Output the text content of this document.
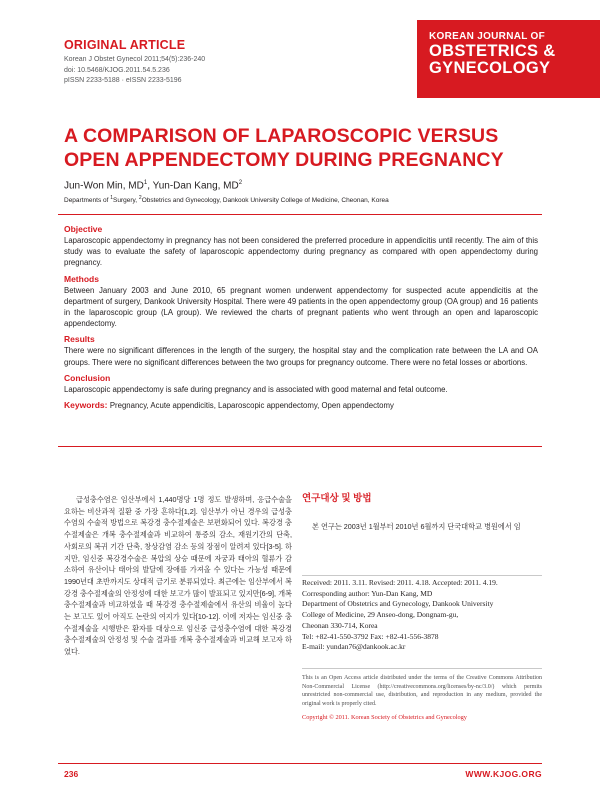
ORIGINAL ARTICLE
Korean J Obstet Gynecol 2011;54(5):236-240
doi: 10.5468/KJOG.2011.54.5.236
pISSN 2233-5188 · eISSN 2233-5196
KOREAN JOURNAL OF
OBSTETRICS &
GYNECOLOGY
A COMPARISON OF LAPAROSCOPIC VERSUS OPEN APPENDECTOMY DURING PREGNANCY
Jun-Won Min, $MD^1$, Yun-Dan Kang, $MD^2$
Departments of $^1$Surgery, $^2$Obstetrics and Gynecology, Dankook University College of Medicine, Cheonan, Korea
Objective
Laparoscopic appendectomy in pregnancy has not been considered the preferred procedure in appendicitis until recently. The aim of this study was to evaluate the safety of laparoscopic appendectomy during pregnancy as compared with open appendectomy during pregnancy.
Methods
Between January 2003 and June 2010, 65 pregnant women underwent appendectomy for suspected acute appendicitis at the department of surgery, Dankook University Hospital. There were 49 patients in the open appendectomy group (OA group) and 16 patients in the laparoscopic group (LA group). We reviewed the charts of pregnant patients who went through an open and laparoscopic appendectomy.
Results
There were no significant differences in the length of the surgery, the hospital stay and the complication rate between the LA and OA groups. There were no significant differences between the two groups for pregnancy outcome. There were no fetal losses or abortions.
Conclusion
Laparoscopic appendectomy is safe during pregnancy and is associated with good maternal and fetal outcome.
Keywords: Pregnancy, Acute appendicitis, Laparoscopic appendectomy, Open appendectomy
급성충수염은 임산부에서 1,440명당 1명 정도 발생하며, 응급수술을 요하는 비산과적 질환 중 가장 흔하다[1,2]. 임산부가 아닌 경우의 급성충수염의 수술적 방법으로 복강경 충수절제술은 보편화되어 있다. 복강경 충수절제술은 개복 충수절제술과 비교하여 통증의 감소, 재원기간의 단축, 사회로의 복귀 기간 단축, 창상감염 감소 등의 장점이 알려져 있다[3-5]. 하지만, 임신중 복강경수술은 복압의 상승 때문에 자궁과 태아의 혈류가 감소하여 유산이나 태아의 발달에 장애를 가져올 수 있다는 가능성 때문에 1990년대 초반까지도 상대적 금기로 분류되었다. 최근에는 임산부에서 복강경 충수절제술의 안정성에 대한 보고가 많이 발표되고 있지만[6-9], 개복 충수절제술과 비교하였을 때 복강경 충수절제술에서 유산의 비율이 높다는 보고도 있어 아직도 논란의 여지가 있다[10-12]. 이에 저자는 임신중 충수절제술을 시행받은 환자를 대상으로 임신중 급성충수염에 대한 복강경 충수절제술의 안정성 및 수술 결과를 개복 충수절제술과 비교해 보고자 하였다.
연구대상 및 방법
본 연구는 2003년 1월부터 2010년 6월까지 단국대학교 병원에서 임
Received: 2011. 3.11. Revised: 2011. 4.18. Accepted: 2011. 4.19.
Corresponding author: Yun-Dan Kang, MD
Department of Obstetrics and Gynecology, Dankook University
College of Medicine, 29 Anseo-dong, Dongnam-gu,
Cheonan 330-714, Korea
Tel: +82-41-550-3792 Fax: +82-41-556-3878
E-mail: yundan76@dankook.ac.kr
This is an Open Access article distributed under the terms of the Creative Commons Attribution Non-Commercial License (http://creativecommons.org/licenses/by-nc/3.0/) which permits unrestricted non-commercial use, distribution, and reproduction in any medium, provided the original work is properly cited.
Copyright © 2011. Korean Society of Obstetrics and Gynecology
236	WWW.KJOG.ORG
